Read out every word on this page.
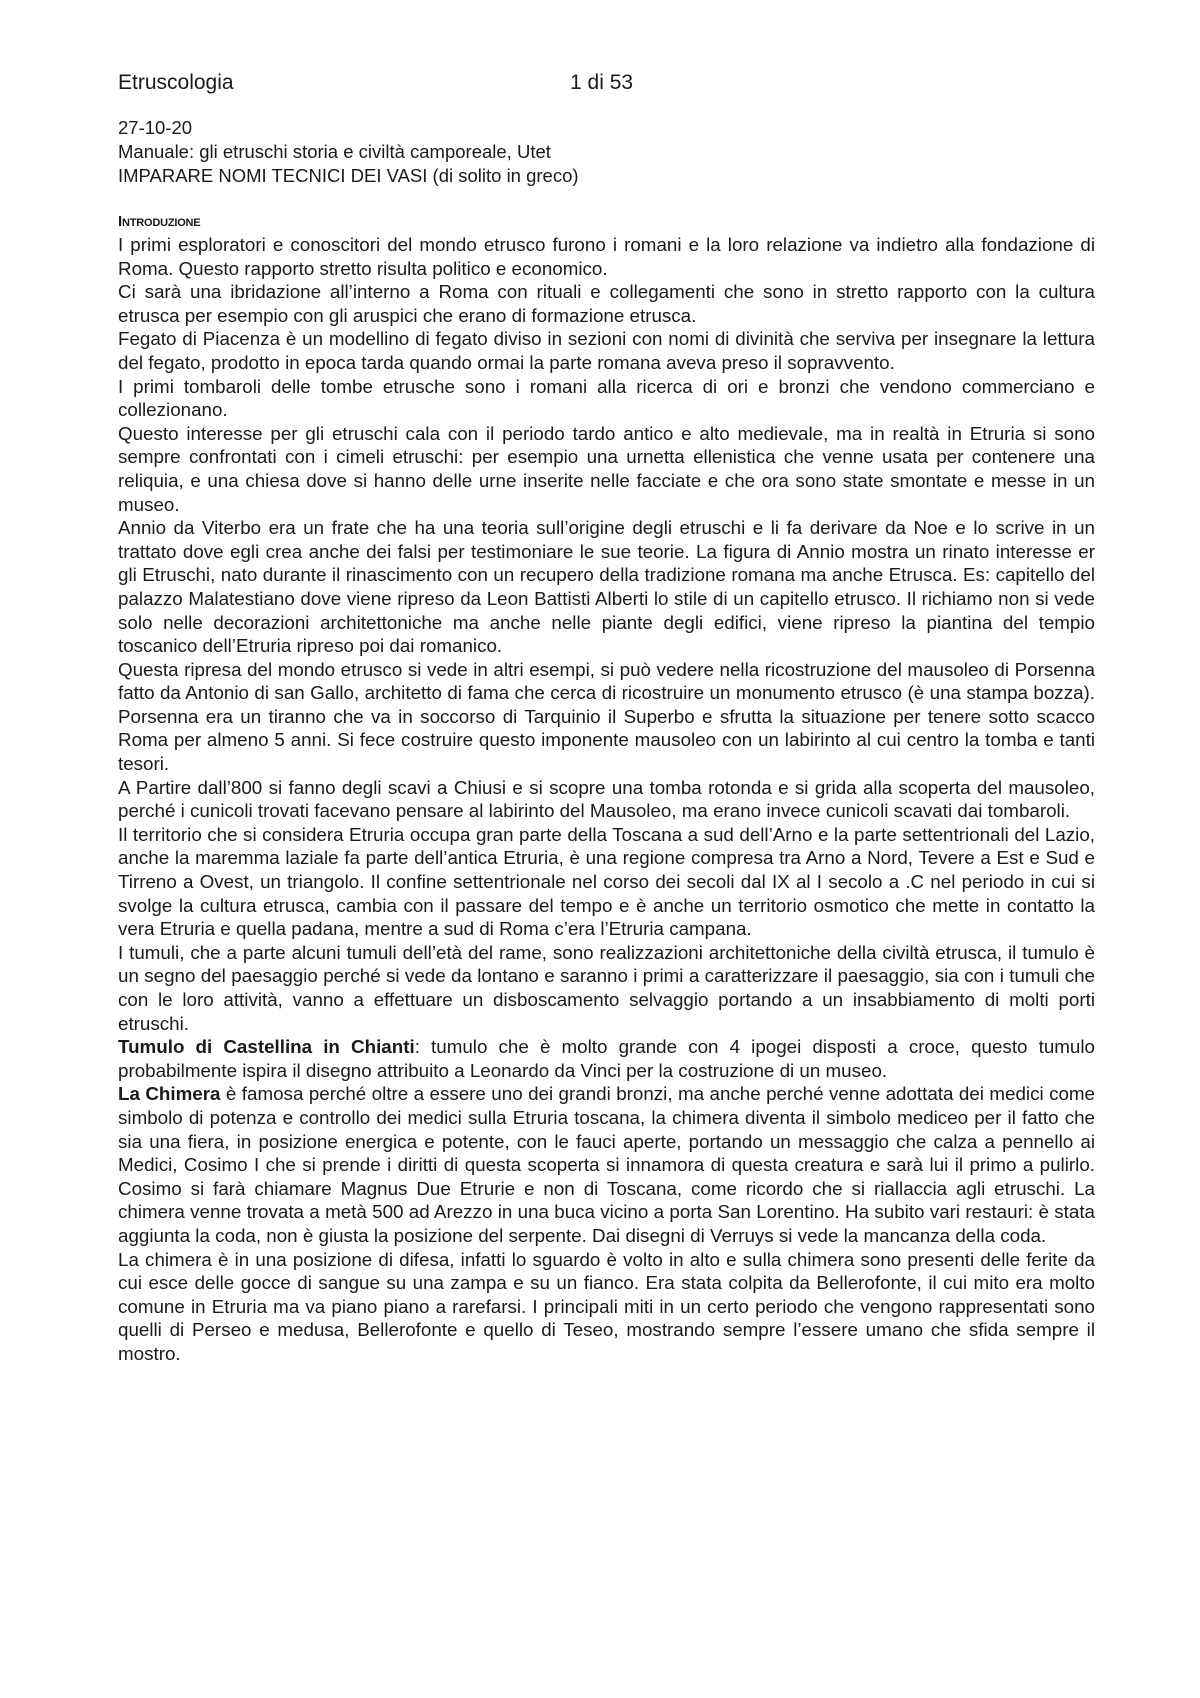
Etruscologia	1 di 53
27-10-20
Manuale: gli etruschi storia e civiltà camporeale, Utet
IMPARARE NOMI TECNICI DEI VASI (di solito in greco)
Introduzione

I primi esploratori e conoscitori del mondo etrusco furono i romani e la loro relazione va indietro alla fondazione di Roma. Questo rapporto stretto risulta politico e economico.

Ci sarà una ibridazione all’interno a Roma con rituali e collegamenti che sono in stretto rapporto con la cultura etrusca per esempio con gli aruspici che erano di formazione etrusca.

Fegato di Piacenza è un modellino di fegato diviso in sezioni con nomi di divinità che serviva per insegnare la lettura del fegato, prodotto in epoca tarda quando ormai la parte romana aveva preso il sopravvento.

I primi tombaroli delle tombe etrusche sono i romani alla ricerca di ori e bronzi che vendono commerciano e collezionano.

Questo interesse per gli etruschi cala con il periodo tardo antico e alto medievale, ma in realtà in Etruria si sono sempre confrontati con i cimeli etruschi: per esempio una urnetta ellenistica che venne usata per contenere una reliquia, e una chiesa dove si hanno delle urne inserite nelle facciate e che ora sono state smontate e messe in un museo.

Annio da Viterbo era un frate che ha una teoria sull’origine degli etruschi e li fa derivare da Noe e lo scrive in un trattato dove egli crea anche dei falsi per testimoniare le sue teorie. La figura di Annio mostra un rinato interesse er gli Etruschi, nato durante il rinascimento con un recupero della tradizione romana ma anche Etrusca. Es: capitello del palazzo Malatestiano dove viene ripreso da Leon Battisti Alberti lo stile di un capitello etrusco. Il richiamo non si vede solo nelle decorazioni architettoniche ma anche nelle piante degli edifici, viene ripreso la piantina del tempio toscanico dell’Etruria ripreso poi dai romanico.

Questa ripresa del mondo etrusco si vede in altri esempi, si può vedere nella ricostruzione del mausoleo di Porsenna fatto da Antonio di san Gallo, architetto di fama che cerca di ricostruire un monumento etrusco (è una stampa bozza). Porsenna era un tiranno che va in soccorso di Tarquinio il Superbo e sfrutta la situazione per tenere sotto scacco Roma per almeno 5 anni. Si fece costruire questo imponente mausoleo con un labirinto al cui centro la tomba e tanti tesori.

A Partire dall’800 si fanno degli scavi a Chiusi e si scopre una tomba rotonda e si grida alla scoperta del mausoleo, perché i cunicoli trovati facevano pensare al labirinto del Mausoleo, ma erano invece cunicoli scavati dai tombaroli.

Il territorio che si considera Etruria occupa gran parte della Toscana a sud dell’Arno e la parte settentrionali del Lazio, anche la maremma laziale fa parte dell’antica Etruria, è una regione compresa tra Arno a Nord, Tevere a Est e Sud e Tirreno a Ovest, un triangolo. Il confine settentrionale nel corso dei secoli dal IX al I secolo a .C nel periodo in cui si svolge la cultura etrusca, cambia con il passare del tempo e è anche un territorio osmotico che mette in contatto la vera Etruria e quella padana, mentre a sud di Roma c’era l’Etruria campana.

I tumuli, che a parte alcuni tumuli dell’età del rame, sono realizzazioni architettoniche della civiltà etrusca, il tumulo è un segno del paesaggio perché si vede da lontano e saranno i primi a caratterizzare il paesaggio, sia con i tumuli che con le loro attività, vanno a effettuare un disboscamento selvaggio portando a un insabbiamento di molti porti etruschi.

Tumulo di Castellina in Chianti: tumulo che è molto grande con 4 ipogei disposti a croce, questo tumulo probabilmente ispira il disegno attribuito a Leonardo da Vinci per la costruzione di un museo.

La Chimera è famosa perché oltre a essere uno dei grandi bronzi, ma anche perché venne adottata dei medici come simbolo di potenza e controllo dei medici sulla Etruria toscana, la chimera diventa il simbolo mediceo per il fatto che sia una fiera, in posizione energica e potente, con le fauci aperte, portando un messaggio che calza a pennello ai Medici, Cosimo I che si prende i diritti di questa scoperta si innamora di questa creatura e sarà lui il primo a pulirlo. Cosimo si farà chiamare Magnus Due Etrurie e non di Toscana, come ricordo che si riallaccia agli etruschi. La chimera venne trovata a metà 500 ad Arezzo in una buca vicino a porta San Lorentino. Ha subito vari restauri: è stata aggiunta la coda, non è giusta la posizione del serpente. Dai disegni di Verruys si vede la mancanza della coda.

La chimera è in una posizione di difesa, infatti lo sguardo è volto in alto e sulla chimera sono presenti delle ferite da cui esce delle gocce di sangue su una zampa e su un fianco. Era stata colpita da Bellerofonte, il cui mito era molto comune in Etruria ma va piano piano a rarefarsi. I principali miti in un certo periodo che vengono rappresentati sono quelli di Perseo e medusa, Bellerofonte e quello di Teseo, mostrando sempre l’essere umano che sfida sempre il mostro.
